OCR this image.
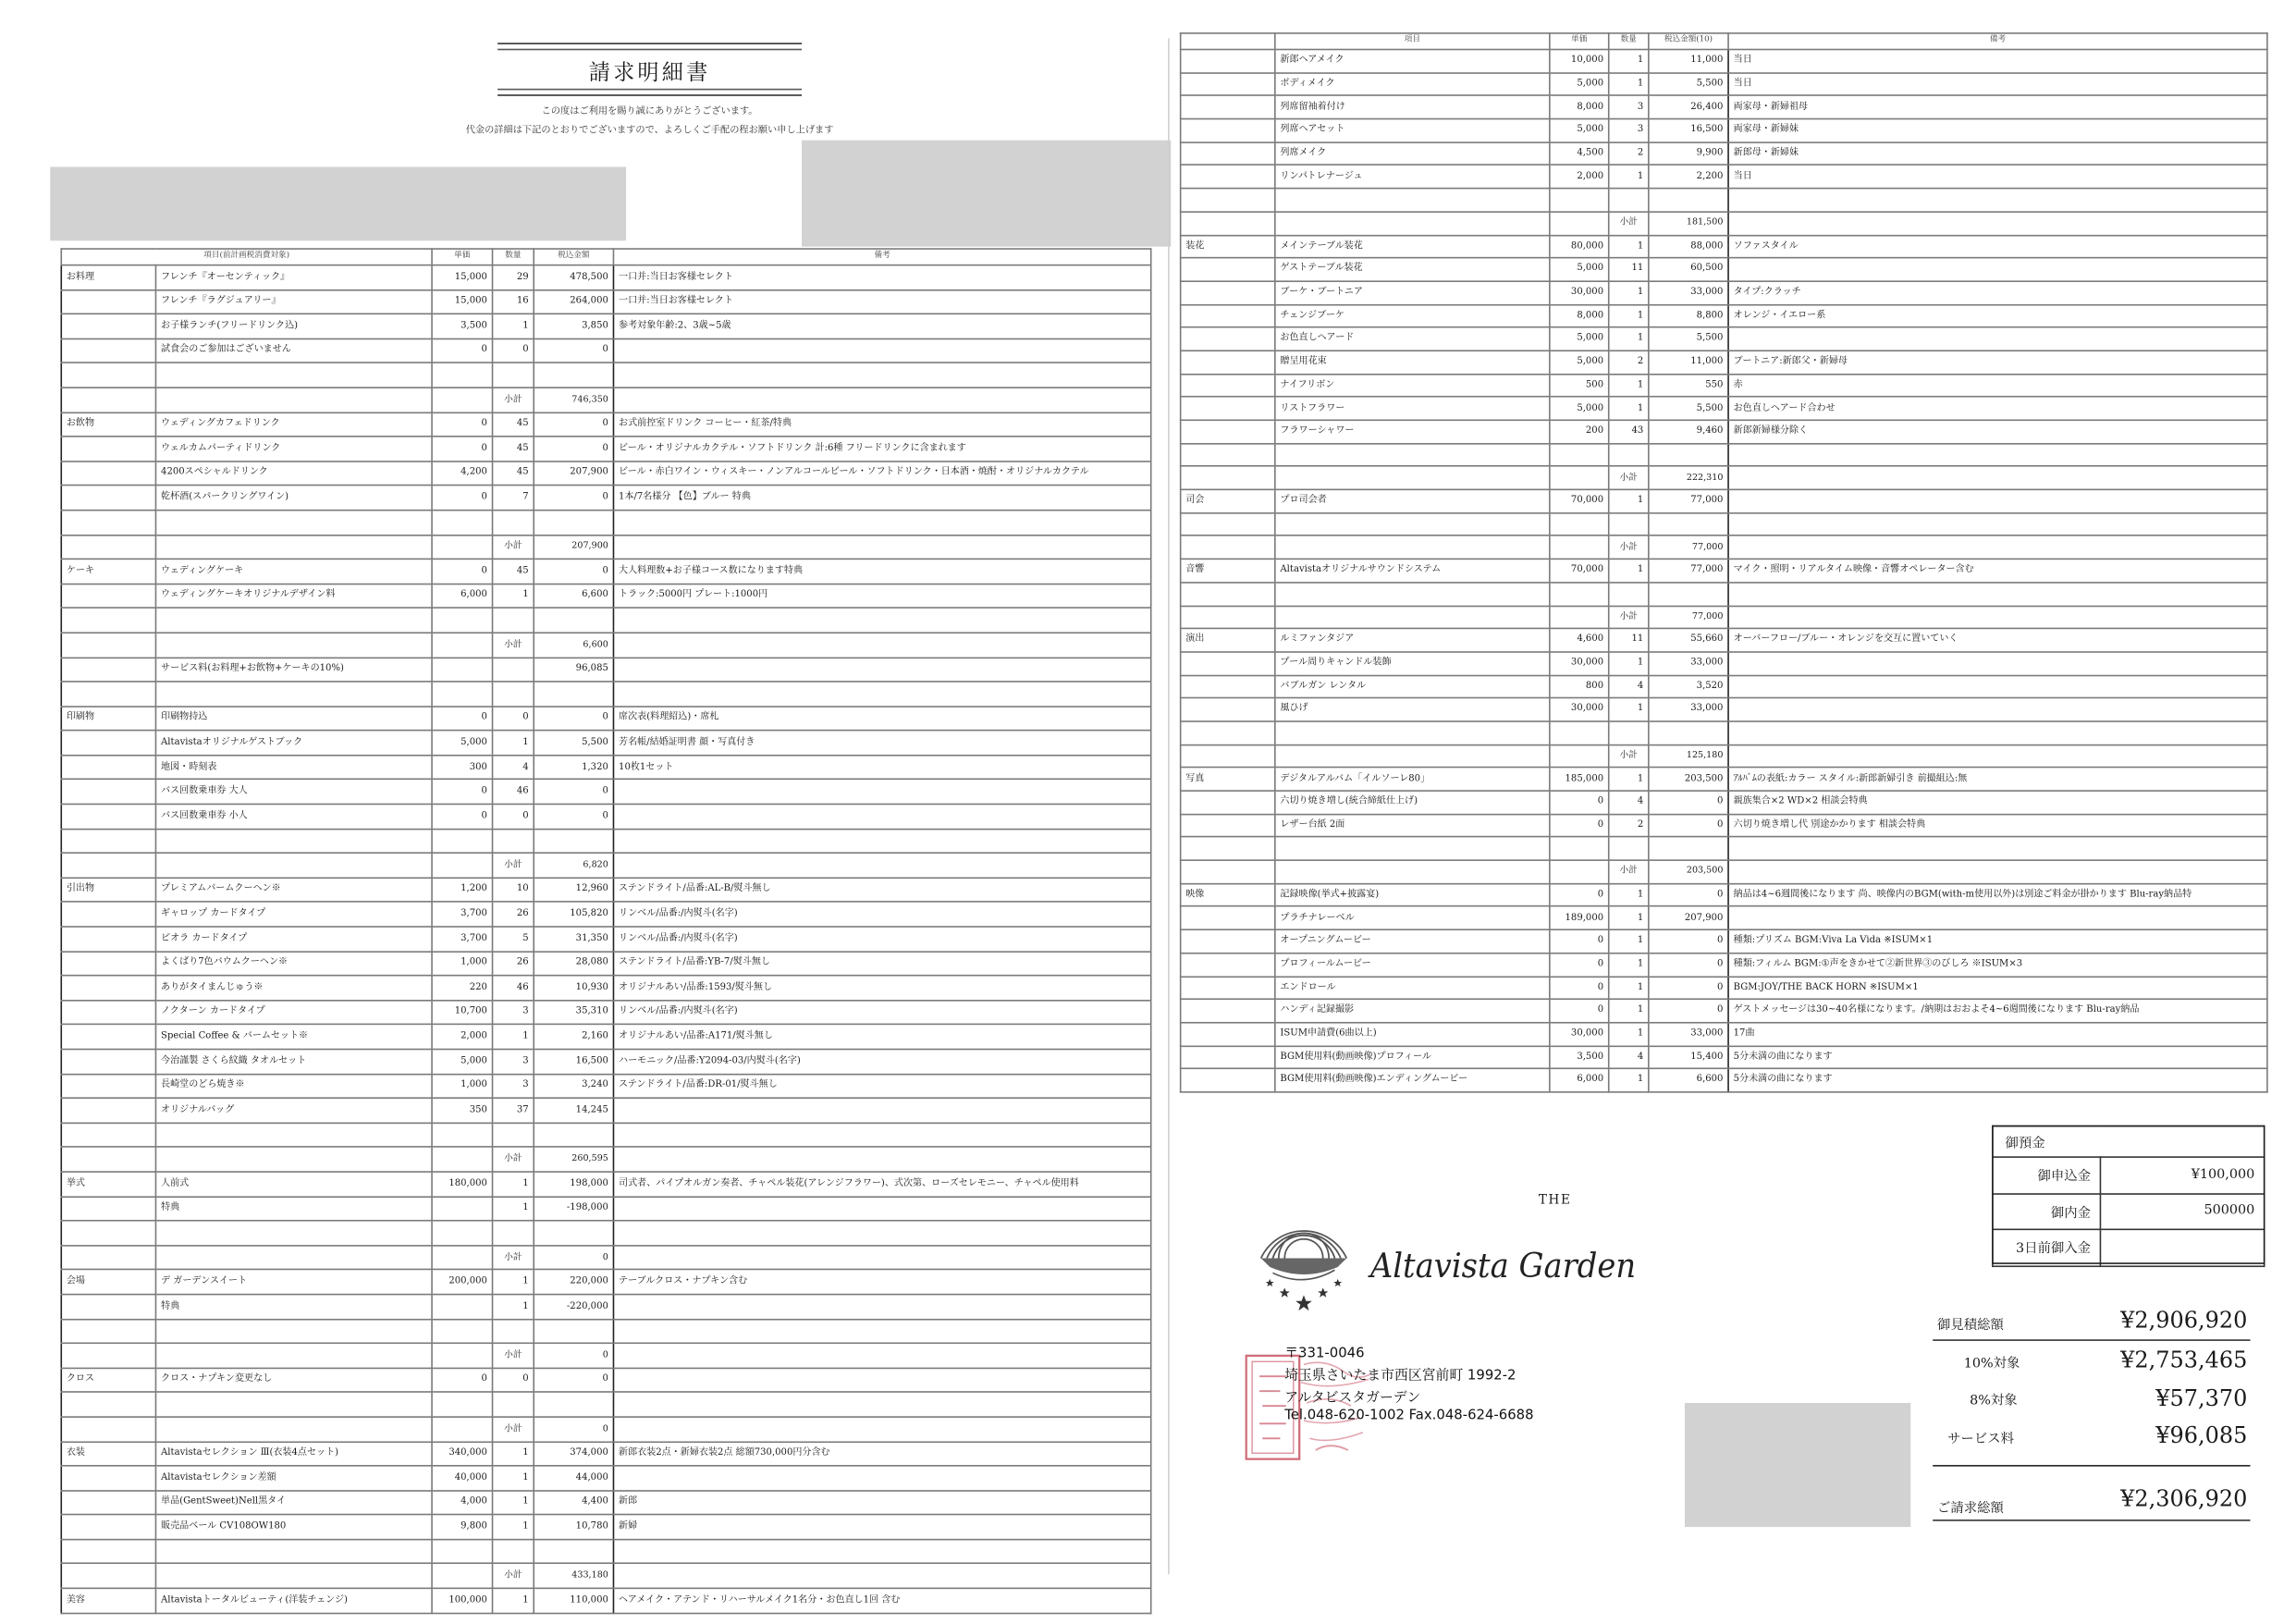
請求明細書
この度はご利用を賜り誠にありがとうございます。
代金の詳細は下記のとおりでございますので、よろしくご手配の程お願い申し上げます
項目(前計画税消費対象)		単価	数量	税込金額	備考
お料理	フレンチ『オーセンティック』	15,000	29	478,500	一口并:当日お客様セレクト
	フレンチ『ラグジュアリー』	15,000	16	264,000	一口并:当日お客様セレクト
	お子様ランチ(フリードリンク込)	3,500	1	3,850	参考対象年齢:2、3歳~5歳
	試食会のご参加はございません	0	0	0	

			小計	746,350	
お飲物	ウェディングカフェドリンク	0	45	0	お式前控室ドリンク コーヒー・紅茶/特典
	ウェルカムパーティドリンク	0	45	0	ビール・オリジナルカクテル・ソフトドリンク 計:6種 フリードリンクに含まれます
	4200スペシャルドリンク	4,200	45	207,900	ビール・赤白ワイン・ウィスキー・ノンアルコールビール・ソフトドリンク・日本酒・焼酎・オリジナルカクテル
	乾杯酒(スパークリングワイン)	0	7	0	1本/7名様分 【色】ブルー 特典

			小計	207,900	
ケーキ	ウェディングケーキ	0	45	0	大人料理数+お子様コース数になります特典
	ウェディングケーキオリジナルデザイン料	6,000	1	6,600	トラック:5000円 プレート:1000円

			小計	6,600	
	サービス料(お料理+お飲物+ケーキの10%)			96,085	

印刷物	印刷物持込	0	0	0	席次表(料理紹込)・席札
	Altavistaオリジナルゲストブック	5,000	1	5,500	芳名帳/結婚証明書 顔・写真付き
	地図・時刻表	300	4	1,320	10枚1セット
	バス回数乗車券 大人	0	46	0	
	バス回数乗車券 小人	0	0	0	

			小計	6,820	
引出物	プレミアムバームクーヘン※	1,200	10	12,960	ステンドライト/品番:AL-B/熨斗無し
	ギャロップ カードタイプ	3,700	26	105,820	リンベル/品番:/内熨斗(名字)
	ピオラ カードタイプ	3,700	5	31,350	リンベル/品番:/内熨斗(名字)
	よくばり7色バウムクーヘン※	1,000	26	28,080	ステンドライト/品番:YB-7/熨斗無し
	ありがタイまんじゅう※	220	46	10,930	オリジナルあい/品番:1593/熨斗無し
	ノクターン カードタイプ	10,700	3	35,310	リンベル/品番:/内熨斗(名字)
	Special Coffee & バームセット※	2,000	1	2,160	オリジナルあい/品番:A171/熨斗無し
	今治謹製 さくら紋織 タオルセット	5,000	3	16,500	ハーモニック/品番:Y2094-03/内熨斗(名字)
	長崎堂のどら焼き※	1,000	3	3,240	ステンドライト/品番:DR-01/熨斗無し
	オリジナルバッグ	350	37	14,245	

			小計	260,595	
挙式	人前式	180,000	1	198,000	司式者、パイプオルガン奏者、チャペル装花(アレンジフラワー)、式次第、ローズセレモニー、チャペル使用料
	特典		1	-198,000	

			小計	0	
会場	デ ガーデンスイート	200,000	1	220,000	テーブルクロス・ナプキン含む
	特典		1	-220,000	

			小計	0	
クロス	クロス・ナプキン変更なし	0	0	0	

			小計	0	
衣装	Altavistaセレクション Ⅲ(衣装4点セット)	340,000	1	374,000	新郎衣装2点・新婦衣装2点 総額730,000円分含む
	Altavistaセレクション差額	40,000	1	44,000	
	単品(GentSweet)Nell黒タイ	4,000	1	4,400	新郎
	販売品ベール CV108OW180	9,800	1	10,780	新婦

			小計	433,180	
美容	Altavistaトータルビューティ(洋装チェンジ)	100,000	1	110,000	ヘアメイク・アテンド・リハーサルメイク1名分・お色直し1回 含む
	項目	単価	数量	税込金額(10)	備考
	新郎ヘアメイク	10,000	1	11,000	当日
	ボディメイク	5,000	1	5,500	当日
	列席留袖着付け	8,000	3	26,400	両家母・新婦祖母
	列席ヘアセット	5,000	3	16,500	両家母・新婦妹
	列席メイク	4,500	2	9,900	新郎母・新婦妹
	リンパトレナージュ	2,000	1	2,200	当日

			小計	181,500	
装花	メインテーブル装花	80,000	1	88,000	ソファスタイル
	ゲストテーブル装花	5,000	11	60,500	
	ブーケ・ブートニア	30,000	1	33,000	タイプ:クラッチ
	チェンジブーケ	8,000	1	8,800	オレンジ・イエロー系
	お色直しヘアード	5,000	1	5,500	
	贈呈用花束	5,000	2	11,000	ブートニア:新郎父・新婦母
	ナイフリボン	500	1	550	赤
	リストフラワー	5,000	1	5,500	お色直しヘアード合わせ
	フラワーシャワー	200	43	9,460	新郎新婦様分除く

			小計	222,310	
司会	プロ司会者	70,000	1	77,000	

			小計	77,000	
音響	Altavistaオリジナルサウンドシステム	70,000	1	77,000	マイク・照明・リアルタイム映像・音響オペレーター含む

			小計	77,000	
演出	ルミファンタジア	4,600	11	55,660	オーバーフロー/ブルー・オレンジを交互に置いていく
	プール周りキャンドル装飾	30,000	1	33,000	
	バブルガン レンタル	800	4	3,520	
	風ひげ	30,000	1	33,000	

			小計	125,180	
写真	デジタルアルバム「イルソーレ80」	185,000	1	203,500	ｱﾙﾊﾞﾑの表紙:カラー スタイル:新郎新婦引き 前撮組込:無
	六切り焼き増し(統合締紙仕上げ)	0	4	0	親族集合×2 WD×2 相談会特典
	レザー台紙 2面	0	2	0	六切り焼き増し代 別途かかります 相談会特典

			小計	203,500	
映像	記録映像(挙式+披露宴)	0	1	0	納品は4~6週間後になります 尚、映像内のBGM(with-m使用以外)は別途ご料金が掛かります Blu-ray納品特
	プラチナレーベル	189,000	1	207,900	
	オープニングムービー	0	1	0	種類:プリズム BGM:Viva La Vida ※ISUM×1
	プロフィールムービー	0	1	0	種類:フィルム BGM:①声をきかせて②新世界③のびしろ ※ISUM×3
	エンドロール	0	1	0	BGM:JOY/THE BACK HORN ※ISUM×1
	ハンディ記録撮影	0	1	0	ゲストメッセージは30~40名様になります。/納期はおおよそ4~6週間後になります Blu-ray納品
	ISUM申請費(6曲以上)	30,000	1	33,000	17曲
	BGM使用料(動画映像)プロフィール	3,500	4	15,400	5分未満の曲になります
	BGM使用料(動画映像)エンディングムービー	6,000	1	6,600	5分未満の曲になります
御預金	
御申込金	¥100,000
御内金	500000
3日前御入金	
御見積総額	¥2,906,920
10%対象	¥2,753,465
8%対象	¥57,370
サービス料	¥96,085
ご請求総額	¥2,306,920
THE
Altavista Garden
〒331-0046
埼玉県さいたま市西区宮前町 1992-2
アルタビスタガーデン
Tel.048-620-1002 Fax.048-624-6688
